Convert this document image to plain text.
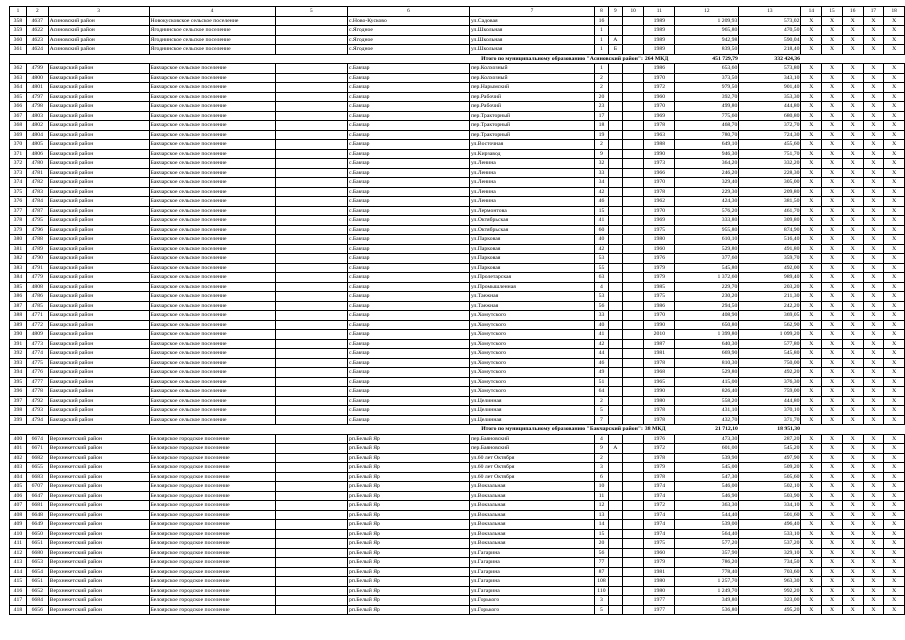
1	2	3	4	5	6	7	8	9	10	11	12	13	14	15	16	17	18
358	4637	Асиновский район	Новокусковское сельское поселение		с.Ново-Кусково	ул.Садовая	16			1989	1 209,93	573,02	X	X	X	X	X
359	4622	Асиновский район	Ягоднинское сельское поселение		с.Ягодное	ул.Школьная	1			1989	965,80	470,50	X	X	X	X	X
360	4623	Асиновский район	Ягоднинское сельское поселение		с.Ягодное	ул.Школьная	1	А		1989	942,98	590,04	X	X	X	X	X
361	4624	Асиновский район	Ягоднинское сельское поселение		с.Ягодное	ул.Школьная	1	Б		1989	839,50	218,40	X	X	X	X	X
Итого по муниципальному образованию "Асиновский район":										264 МКД	451 729,79	332 424,36					
362	4799	Бакчарский район	Бакчарское сельское поселение		с.Бакчар	пер.Колхозный	1			1986	653,60	573,80	X	X	X	X	X
363	4800	Бакчарский район	Бакчарское сельское поселение		с.Бакчар	пер.Колхозный	2			1970	373,50	343,10	X	X	X	X	X
364	4801	Бакчарский район	Бакчарское сельское поселение		с.Бакчар	пер.Нарымский	2			1972	979,50	901,40	X	X	X	X	X
365	4797	Бакчарский район	Бакчарское сельское поселение		с.Бакчар	пер.Рабочий	20			1960	392,70	353,30	X	X	X	X	X
366	4798	Бакчарский район	Бакчарское сельское поселение		с.Бакчар	пер.Рабочий	23			1970	499,80	444,80	X	X	X	X	X
367	4803	Бакчарский район	Бакчарское сельское поселение		с.Бакчар	пер.Тракторный	17			1969	775,60	680,80	X	X	X	X	X
368	4802	Бакчарский район	Бакчарское сельское поселение		с.Бакчар	пер.Тракторный	18			1978	468,70	372,70	X	X	X	X	X
369	4804	Бакчарский район	Бакчарское сельское поселение		с.Бакчар	пер.Тракторный	19			1963	780,70	724,30	X	X	X	X	X
370	4805	Бакчарский район	Бакчарское сельское поселение		с.Бакчар	ул.Восточная	2			1988	649,10	455,60	X	X	X	X	X
371	4806	Бакчарский район	Бакчарское сельское поселение		с.Бакчар	ул.Кирзавод	9			1990	946,30	751,70	X	X	X	X	X
372	4780	Бакчарский район	Бакчарское сельское поселение		с.Бакчар	ул.Ленина	32			1973	364,20	332,20	X	X	X	X	X
373	4781	Бакчарский район	Бакчарское сельское поселение		с.Бакчар	ул.Ленина	33			1966	246,20	228,30	X	X	X	X	X
374	4782	Бакчарский район	Бакчарское сельское поселение		с.Бакчар	ул.Ленина	34			1970	329,40	305,00	X	X	X	X	X
375	4783	Бакчарский район	Бакчарское сельское поселение		с.Бакчар	ул.Ленина	42			1978	229,30	209,80	X	X	X	X	X
376	4784	Бакчарский район	Бакчарское сельское поселение		с.Бакчар	ул.Ленина	46			1962	424,30	381,50	X	X	X	X	X
377	4787	Бакчарский район	Бакчарское сельское поселение		с.Бакчар	ул.Лермонтова	15			1970	576,20	461,70	X	X	X	X	X
378	4795	Бакчарский район	Бакчарское сельское поселение		с.Бакчар	ул.Октябрьская	41			1969	333,80	309,80	X	X	X	X	X
379	4796	Бакчарский район	Бакчарское сельское поселение		с.Бакчар	ул.Октябрьская	60			1975	955,80	874,90	X	X	X	X	X
380	4788	Бакчарский район	Бакчарское сельское поселение		с.Бакчар	ул.Парковая	40			1980	610,10	516,40	X	X	X	X	X
381	4789	Бакчарский район	Бакчарское сельское поселение		с.Бакчар	ул.Парковая	42			1960	529,80	491,80	X	X	X	X	X
382	4790	Бакчарский район	Бакчарское сельское поселение		с.Бакчар	ул.Парковая	53			1976	377,60	359,70	X	X	X	X	X
383	4791	Бакчарский район	Бакчарское сельское поселение		с.Бакчар	ул.Парковая	55			1979	545,80	492,00	X	X	X	X	X
384	4779	Бакчарский район	Бакчарское сельское поселение		с.Бакчар	ул.Пролетарская	63			1979	1 372,60	989,40	X	X	X	X	X
385	4808	Бакчарский район	Бакчарское сельское поселение		с.Бакчар	ул.Промышленная	4			1985	229,70	203,20	X	X	X	X	X
386	4786	Бакчарский район	Бакчарское сельское поселение		с.Бакчар	ул.Таежная	53			1975	230,20	211,30	X	X	X	X	X
387	4785	Бакчарский район	Бакчарское сельское поселение		с.Бакчар	ул.Таежная	56			1986	294,50	242,20	X	X	X	X	X
388	4771	Бакчарский район	Бакчарское сельское поселение		с.Бакчар	ул.Хомутского	33			1970	408,90	369,05	X	X	X	X	X
389	4772	Бакчарский район	Бакчарское сельское поселение		с.Бакчар	ул.Хомутского	40			1990	650,80	562,90	X	X	X	X	X
390	4809	Бакчарский район	Бакчарское сельское поселение		с.Бакчар	ул.Хомутского	41			2010	1 399,80	1 099,20	X	X	X	X	X
391	4773	Бакчарский район	Бакчарское сельское поселение		с.Бакчар	ул.Хомутского	42			1987	640,30	577,80	X	X	X	X	X
392	4774	Бакчарский район	Бакчарское сельское поселение		с.Бакчар	ул.Хомутского	44			1981	669,90	545,80	X	X	X	X	X
393	4775	Бакчарский район	Бакчарское сельское поселение		с.Бакчар	ул.Хомутского	46			1978	810,30	750,00	X	X	X	X	X
394	4776	Бакчарский район	Бакчарское сельское поселение		с.Бакчар	ул.Хомутского	49			1968	529,80	492,20	X	X	X	X	X
395	4777	Бакчарский район	Бакчарское сельское поселение		с.Бакчар	ул.Хомутского	51			1965	415,00	376,30	X	X	X	X	X
396	4778	Бакчарский район	Бакчарское сельское поселение		с.Бакчар	ул.Хомутского	64			1990	826,40	759,00	X	X	X	X	X
397	4792	Бакчарский район	Бакчарское сельское поселение		с.Бакчар	ул.Целинная	2			1980	558,20	444,80	X	X	X	X	X
398	4793	Бакчарский район	Бакчарское сельское поселение		с.Бакчар	ул.Целинная	5			1978	431,10	370,10	X	X	X	X	X
399	4794	Бакчарский район	Бакчарское сельское поселение		с.Бакчар	ул.Целинная	7			1978	432,70	371,70	X	X	X	X	X
Итого по муниципальному образованию "Бакчарский район":										38 МКД	21 712,10	18 951,30					
400	6674	Верхнекетский район	Белоярское городское поселение		рп.Белый Яр	пер.Баяновский	4			1976	473,30	287,20	X	X	X	X	X
401	6671	Верхнекетский район	Белоярское городское поселение		рп.Белый Яр	пер.Баяновский	9	А		1972	601,00	545,20	X	X	X	X	X
402	6682	Верхнекетский район	Белоярское городское поселение		рп.Белый Яр	ул.60 лет Октября	2			1978	539,90	497,90	X	X	X	X	X
403	6655	Верхнекетский район	Белоярское городское поселение		рп.Белый Яр	ул.60 лет Октября	3			1979	545,00	509,20	X	X	X	X	X
404	6683	Верхнекетский район	Белоярское городское поселение		рп.Белый Яр	ул.60 лет Октября	6			1978	547,30	505,60	X	X	X	X	X
405	6707	Верхнекетский район	Белоярское городское поселение		рп.Белый Яр	ул.Вокзальная	10			1974	546,00	502,10	X	X	X	X	X
406	6647	Верхнекетский район	Белоярское городское поселение		рп.Белый Яр	ул.Вокзальная	11			1974	546,90	503,90	X	X	X	X	X
407	6681	Верхнекетский район	Белоярское городское поселение		рп.Белый Яр	ул.Вокзальная	12			1972	363,30	334,10	X	X	X	X	X
408	6648	Верхнекетский район	Белоярское городское поселение		рп.Белый Яр	ул.Вокзальная	13			1974	544,40	501,60	X	X	X	X	X
409	6649	Верхнекетский район	Белоярское городское поселение		рп.Белый Яр	ул.Вокзальная	14			1974	539,00	496,40	X	X	X	X	X
410	6650	Верхнекетский район	Белоярское городское поселение		рп.Белый Яр	ул.Вокзальная	15			1974	564,40	533,10	X	X	X	X	X
411	6651	Верхнекетский район	Белоярское городское поселение		рп.Белый Яр	ул.Вокзальная	20			1975	577,20	537,20	X	X	X	X	X
412	6680	Верхнекетский район	Белоярское городское поселение		рп.Белый Яр	ул.Гагарина	56			1960	357,90	329,10	X	X	X	X	X
413	6653	Верхнекетский район	Белоярское городское поселение		рп.Белый Яр	ул.Гагарина	77			1979	786,20	734,50	X	X	X	X	X
414	6654	Верхнекетский район	Белоярское городское поселение		рп.Белый Яр	ул.Гагарина	87			1981	778,40	703,60	X	X	X	X	X
415	6651	Верхнекетский район	Белоярское городское поселение		рп.Белый Яр	ул.Гагарина	108			1980	1 257,70	963,30	X	X	X	X	X
416	6652	Верхнекетский район	Белоярское городское поселение		рп.Белый Яр	ул.Гагарина	110			1980	1 249,70	992,20	X	X	X	X	X
417	6684	Верхнекетский район	Белоярское городское поселение		рп.Белый Яр	ул.Горького	3			1977	349,80	323,00	X	X	X	X	X
418	6656	Верхнекетский район	Белоярское городское поселение		рп.Белый Яр	ул.Горького	5			1977	536,80	495,20	X	X	X	X	X
